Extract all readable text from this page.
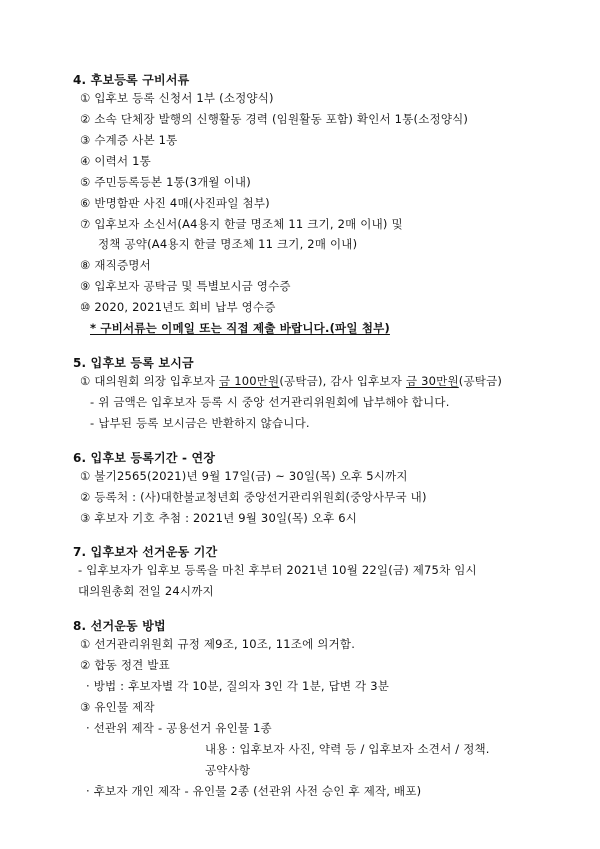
4. 후보등록 구비서류
① 입후보 등록 신청서 1부 (소정양식)
② 소속 단체장 발행의 신행활동 경력 (임원활동 포함) 확인서 1통(소정양식)
③ 수계증 사본 1통
④ 이력서 1통
⑤ 주민등록등본 1통(3개월 이내)
⑥ 반명함판 사진 4매(사진파일 첨부)
⑦ 입후보자 소신서(A4용지 한글 명조체 11 크기, 2매 이내) 및
정책 공약(A4용지 한글 명조체 11 크기, 2매 이내)
⑧ 재직증명서
⑨ 입후보자 공탁금 및 특별보시금 영수증
⑩ 2020, 2021년도 회비 납부 영수증
* 구비서류는 이메일 또는 직접 제출 바랍니다.(파일 첨부)
5. 입후보 등록 보시금
① 대의원회 의장 입후보자 금 100만원(공탁금), 감사 입후보자 금 30만원(공탁금)
- 위 금액은 입후보자 등록 시 중앙 선거관리위원회에 납부해야 합니다.
- 납부된 등록 보시금은 반환하지 않습니다.
6. 입후보 등록기간 - 연장
① 불기2565(2021)년 9월 17일(금) ~ 30일(목) 오후 5시까지
② 등록처 : (사)대한불교청년회 중앙선거관리위원회(중앙사무국 내)
③ 후보자 기호 추첨 : 2021년 9월 30일(목) 오후 6시
7. 입후보자 선거운동 기간
- 입후보자가 입후보 등록을 마친 후부터 2021년 10월 22일(금) 제75차 임시
대의원총회 전일 24시까지
8. 선거운동 방법
① 선거관리위원회 규정 제9조, 10조, 11조에 의거함.
② 합동 정견 발표
· 방법 : 후보자별 각 10분, 질의자 3인 각 1분, 답변 각 3분
③ 유인물 제작
· 선관위 제작 - 공용선거 유인물 1종
내용 : 입후보자 사진, 약력 등 / 입후보자 소견서 / 정책.
공약사항
· 후보자 개인 제작 - 유인물 2종 (선관위 사전 승인 후 제작, 배포)
